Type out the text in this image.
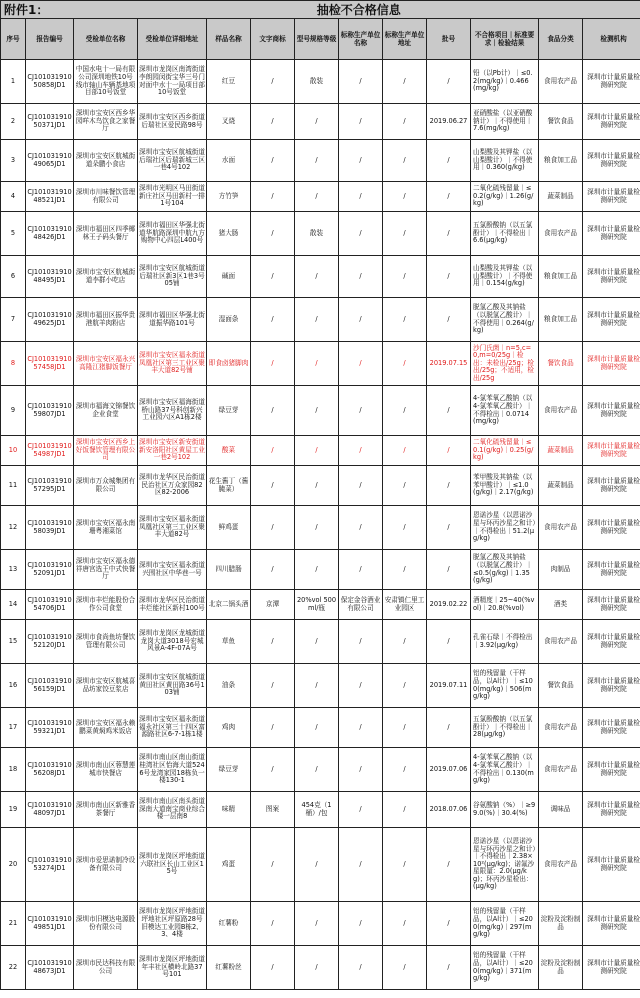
附件1：		抽检不合格信息										
序号	报告编号	受检单位名称	受检单位详细地址	样品名称	文字商标	型号规格等级	标称生产单位名称	标称生产单位地址	批号	不合格项目｜标准要求｜检验结果	食品分类	检测机构
1	CJ10103191050858JD1	中国水电十一局有限公司深圳地铁10号线市轴山车辆基地项目部10号饭堂	深圳市龙岗区南湾街道李朗园闵街宝华三号门对面中水十一局项目部10号饭堂	红豆	/	散装	/	/	/	铅（以Pb计）｜≤0.2(mg/kg)｜0.466(mg/kg)	食用农产品	深圳市计量质量检测研究院
2	CJ10103191050371JD1	深圳市宝安区西乡华园咩木鸟饮食之家餐厅	深圳市宝安区西乡街道后瑞社区爱民路98号	叉烧	/	/	/	/	2019.06.27	亚硝酸盐（以亚硝酸钠计）｜不得使用｜7.6(mg/kg)	餐饮食品	深圳市计量质量检测研究院
3	CJ10103191049065JD1	深圳市宝安区航城街道朵鹏小食店	深圳市宝安区航城街道后瑞社区后瑞新城三区一巷4号102	水面	/	/	/	/	/	山梨酸及其钾盐（以山梨酸计）｜不得使用｜0.360(g/kg)	粮食加工品	深圳市计量质量检测研究院
4	CJ10103191048521JD1	深圳市川味餐饮管理有限公司	深圳市光明区马田街道新庄社区马田新村一排1号104	方竹笋	/	/	/	/	/	二氧化硫残留量｜≤0.2(g/kg)｜1.26(g/kg)	蔬菜制品	深圳市计量质量检测研究院
5	CJ10103191048426JD1	深圳市福田区四季椰林王子码头餐厅	深圳市福田区华强北街道华航路深圳中航九方购物中心四层L400号	猪大肠	/	散装	/	/	/	五氯酚酸钠（以五氯酚计）｜不得检出｜6.6(μg/kg)	食用农产品	深圳市计量质量检测研究院
6	CJ10103191048495JD1	深圳市宝安区航城街道李群小吃店	深圳市宝安区航城街道后瑞社区新3区1巷3号05铺	碱面	/	/	/	/	/	山梨酸及其钾盐（以山梨酸计）｜不得使用｜0.154(g/kg)	粮食加工品	深圳市计量质量检测研究院
7	CJ10103191049625JD1	深圳市福田区振华贵港航羊肉粉店	深圳市福田区华强北街道振华路101号	湿面条	/	/	/	/	/	脱氢乙酸及其钠盐（以脱氢乙酸计）｜不得使用｜0.264(g/kg)	粮食加工品	深圳市计量质量检测研究院
8	CJ10103191057458JD1	深圳市宝安区福永兴高隆江猪脚饭餐厅	深圳市宝安区福永街道凤凰社区第三工业区聚丰大道82号铺	即食卤猪脚肉	/	/	/	/	2019.07.15	沙门氏菌｜n=5,c=0,m=0/25g｜检出：未检出/25g；检出/25g；不适用，检出/25g	餐饮食品	深圳市计量质量检测研究院
9	CJ10103191059807JD1	深圳市福海文锦餐饮企业食堂	深圳市宝安区福海街道桥山路37号科创新兴工业园六区A1栋2楼	绿豆芽	/	/	/	/	/	4-氯苯氧乙酸钠（以4-氯苯氧乙酸计）｜不得检出｜0.0714(mg/kg)	食用农产品	深圳市计量质量检测研究院
10	CJ10103191054987JD1	深圳市宝安区西乡上好饭餐饮管理有限公司	深圳市宝安区新安街道新安洛阳社区黄屋工业一巷2号102	酸菜	/	/	/	/	/	二氧化硫残留量｜≤0.1(g/kg)｜0.25(g/kg)	蔬菜制品	深圳市计量质量检测研究院
11	CJ10103191057295JD1	深圳市万众城集团有限公司	深圳市龙华区民治街道民治社区万众家园82区82-2006	花生酱丁（酱腌菜）	/	/	/	/	/	苯甲酸及其钠盐（以苯甲酸计）｜≤1.0(g/kg)｜2.17(g/kg)	蔬菜制品	深圳市计量质量检测研究院
12	CJ10103191058039JD1	深圳市宝安区福永南珊粤湘菜馆	深圳市宝安区福永街道凤凰社区第三工业区聚丰大道82号	鲜鸡蛋	/	/	/	/	/	恩诺沙星（以恩诺沙星与环丙沙星之和计）｜不得检出｜51.2(μg/kg)	食用农产品	深圳市计量质量检测研究院
13	CJ10103191052091JD1	深圳市宝安区福永德祥唐宫选王中式快餐厅	深圳市宝安区福永街道兴围社区中华巷一号	四川腊肠	/	/	/	/	/	脱氢乙酸及其钠盐（以脱氢乙酸计）｜≤0.5(g/kg)｜1.35(g/kg)	肉制品	深圳市计量质量检测研究院
14	CJ10103191054706JD1	深圳市丰烂能股份合作公司食堂	深圳市龙华区民治街道丰烂能社区新村100号	北京二锅头酒	京潭	20%vol 500ml/瓶	保定金谷酒业有限公司	安肃镇仁里工业园区	2019.02.22	酒精度｜25~40(%vol)｜20.8(%vol)	酒类	深圳市计量质量检测研究院
15	CJ10103191052120JD1	深圳市食尚鱼坊餐饮管理有限公司	深圳市龙岗区龙城街道龙岗大道3018号宏城风景A-4F-07A号	草鱼	/	/	/	/	/	孔雀石绿｜不得检出｜3.92(μg/kg)	食用农产品	深圳市计量质量检测研究院
16	CJ10103191056159JD1	深圳市宝安区航城喜品坊家饺豆浆店	深圳市宝安区航城街道黄田社区黄田路36号103铺	油条	/	/	/	/	2019.07.11	铝的残留量（干样品，以Al计）｜≤100(mg/kg)｜506(mg/kg)	餐饮食品	深圳市计量质量检测研究院
17	CJ10103191059321JD1	深圳市宝安区福永赖鹏菜黄焖鸡米饭店	深圳市宝安区福永街道福永社区第三十四区富源路社区6-7-1栋1楼	鸡肉	/	/	/	/	/	五氯酚酸钠（以五氯酚计）｜不得检出｜28(μg/kg)	食用农产品	深圳市计量质量检测研究院
18	CJ10103191056208JD1	深圳市南山区蓉慧莲城市快餐店	深圳市南山区南山街道桂湾社区怡海大道5246号龙湾家园18栋负一楼130-1	绿豆芽	/	/	/	/	2019.07.06	4-氯苯氧乙酸钠（以4-氯苯氧乙酸计）｜不得检出｜0.130(mg/kg)	食用农产品	深圳市计量质量检测研究院
19	CJ10103191048097JD1	深圳市南山区新雅香茶餐厅	深圳市南山区南头街道深南大道南宝商业综合楼一层南8	味精	图案	454克（1桶）/包	/	/	2018.07.06	谷氨酸钠（%）｜≥99.0(%)｜30.4(%)	调味品	深圳市计量质量检测研究院
20	CJ10103191053274JD1	深圳市爱思诺制冷设备有限公司	深圳市龙岗区坪地街道六联社区长山工业区15号	鸡蛋	/	/	/	/	/	恩诺沙星（以恩诺沙星与环丙沙星之和计）｜不得检出｜2.38×10²(μg/kg)；诺氟沙星限量：2.0(μg/kg)；环丙沙星检出：(μg/kg)	食用农产品	深圳市计量质量检测研究院
21	CJ10103191049851JD1	深圳市旧模达电源股份有限公司	深圳市龙岗区坪地街道坪地社区坪原路28号旧模达工业园B栋2、3、4楼	红薯粉	/	/	/	/	/	铝的残留量（干样品，以Al计）｜≤200(mg/kg)｜297(mg/kg)	淀粉及淀粉制品	深圳市计量质量检测研究院
22	CJ10103191048673JD1	深圳市民达科技有限公司	深圳市龙岗区坪地街道年丰社区横岭北路37号101	红薯粉丝	/	/	/	/	/	铝的残留量（干样品，以Al计）｜≤200(mg/kg)｜371(mg/kg)	淀粉及淀粉制品	深圳市计量质量检测研究院
